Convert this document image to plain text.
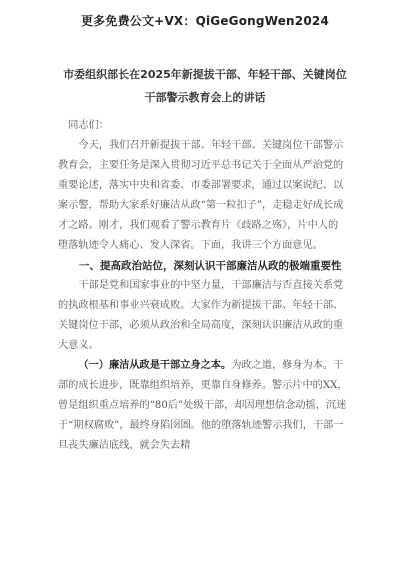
更多免费公文+VX：QiGeGongWen2024
市委组织部长在2025年新提拔干部、年轻干部、关键岗位
干部警示教育会上的讲话

同志们：

今天，我们召开新提拔干部、年轻干部、关键岗位干部警示教育会，主要任务是深入贯彻习近平总书记关于全面从严治党的重要论述，落实中央和省委、市委部署要求，通过以案说纪、以案示警，帮助大家系好廉洁从政“第一粒扣子”，走稳走好成长成才之路。刚才，我们观看了警示教育片《歧路之殇》，片中人的堕落轨迹令人痛心、发人深省。下面，我讲三个方面意见。

一、提高政治站位，深刻认识干部廉洁从政的极端重要性

干部是党和国家事业的中坚力量，干部廉洁与否直接关系党的执政根基和事业兴衰成败。大家作为新提拔干部、年轻干部、关键岗位干部，必须从政治和全局高度，深刻认识廉洁从政的重大意义。

（一）廉洁从政是干部立身之本。为政之道，修身为本。干部的成长进步，既靠组织培养，更靠自身修养。警示片中的XX，曾是组织重点培养的“80后”处级干部，却因理想信念动摇，沉迷于“期权腐败”，最终身陷囹圄。他的堕落轨迹警示我们，干部一旦丧失廉洁底线，就会失去精
